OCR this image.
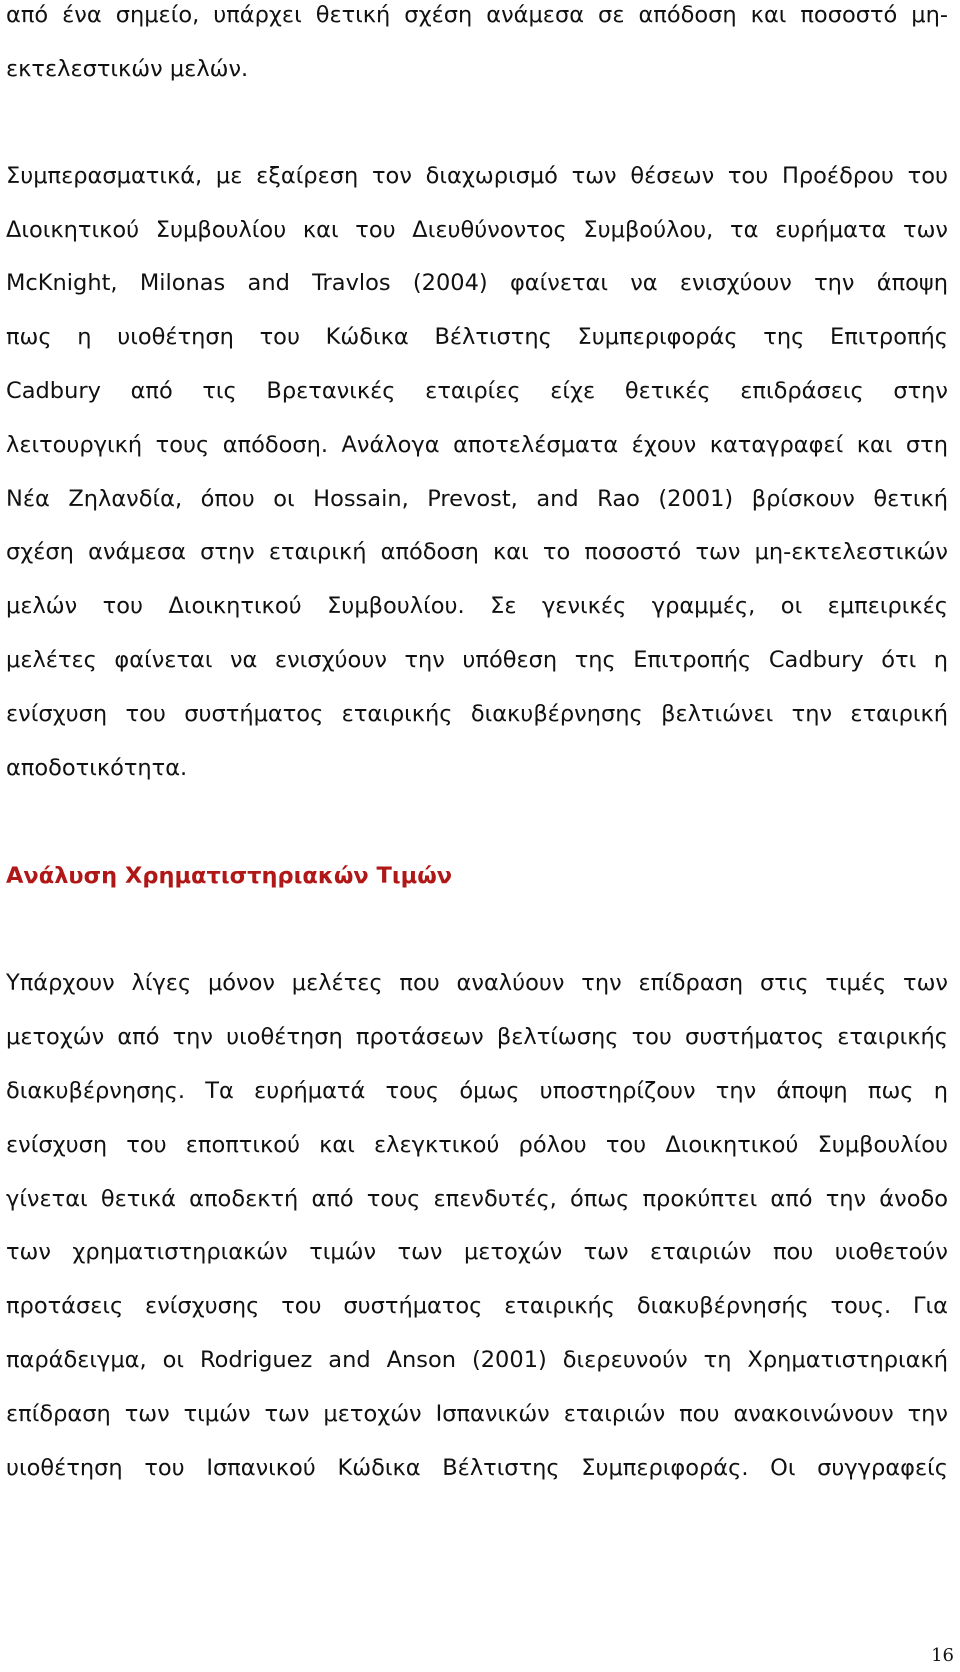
από ένα σημείο, υπάρχει θετική σχέση ανάμεσα σε απόδοση και ποσοστό μη-
εκτελεστικών μελών.
Συμπερασματικά, με εξαίρεση τον διαχωρισμό των θέσεων του Προέδρου του
Διοικητικού Συμβουλίου και του Διευθύνοντος Συμβούλου, τα ευρήματα των
McKnight, Milonas and Travlos (2004) φαίνεται να ενισχύουν την άποψη
πως η υιοθέτηση του Κώδικα Βέλτιστης Συμπεριφοράς της Επιτροπής
Cadbury από τις Βρετανικές εταιρίες είχε θετικές επιδράσεις στην
λειτουργική τους απόδοση. Ανάλογα αποτελέσματα έχουν καταγραφεί και στη
Νέα Ζηλανδία, όπου οι Hossain, Prevost, and Rao (2001) βρίσκουν θετική
σχέση ανάμεσα στην εταιρική απόδοση και το ποσοστό των μη-εκτελεστικών
μελών του Διοικητικού Συμβουλίου. Σε γενικές γραμμές, οι εμπειρικές
μελέτες φαίνεται να ενισχύουν την υπόθεση της Επιτροπής Cadbury ότι η
ενίσχυση του συστήματος εταιρικής διακυβέρνησης βελτιώνει την εταιρική
αποδοτικότητα.
Ανάλυση Χρηματιστηριακών Τιμών
Υπάρχουν λίγες μόνον μελέτες που αναλύουν την επίδραση στις τιμές των
μετοχών από την υιοθέτηση προτάσεων βελτίωσης του συστήματος εταιρικής
διακυβέρνησης. Τα ευρήματά τους όμως υποστηρίζουν την άποψη πως η
ενίσχυση του εποπτικού και ελεγκτικού ρόλου του Διοικητικού Συμβουλίου
γίνεται θετικά αποδεκτή από τους επενδυτές, όπως προκύπτει από την άνοδο
των χρηματιστηριακών τιμών των μετοχών των εταιριών που υιοθετούν
προτάσεις ενίσχυσης του συστήματος εταιρικής διακυβέρνησής τους. Για
παράδειγμα, οι Rodriguez and Anson (2001) διερευνούν τη Χρηματιστηριακή
επίδραση των τιμών των μετοχών Ισπανικών εταιριών που ανακοινώνουν την
υιοθέτηση του Ισπανικού Κώδικα Βέλτιστης Συμπεριφοράς. Οι συγγραφείς
16
